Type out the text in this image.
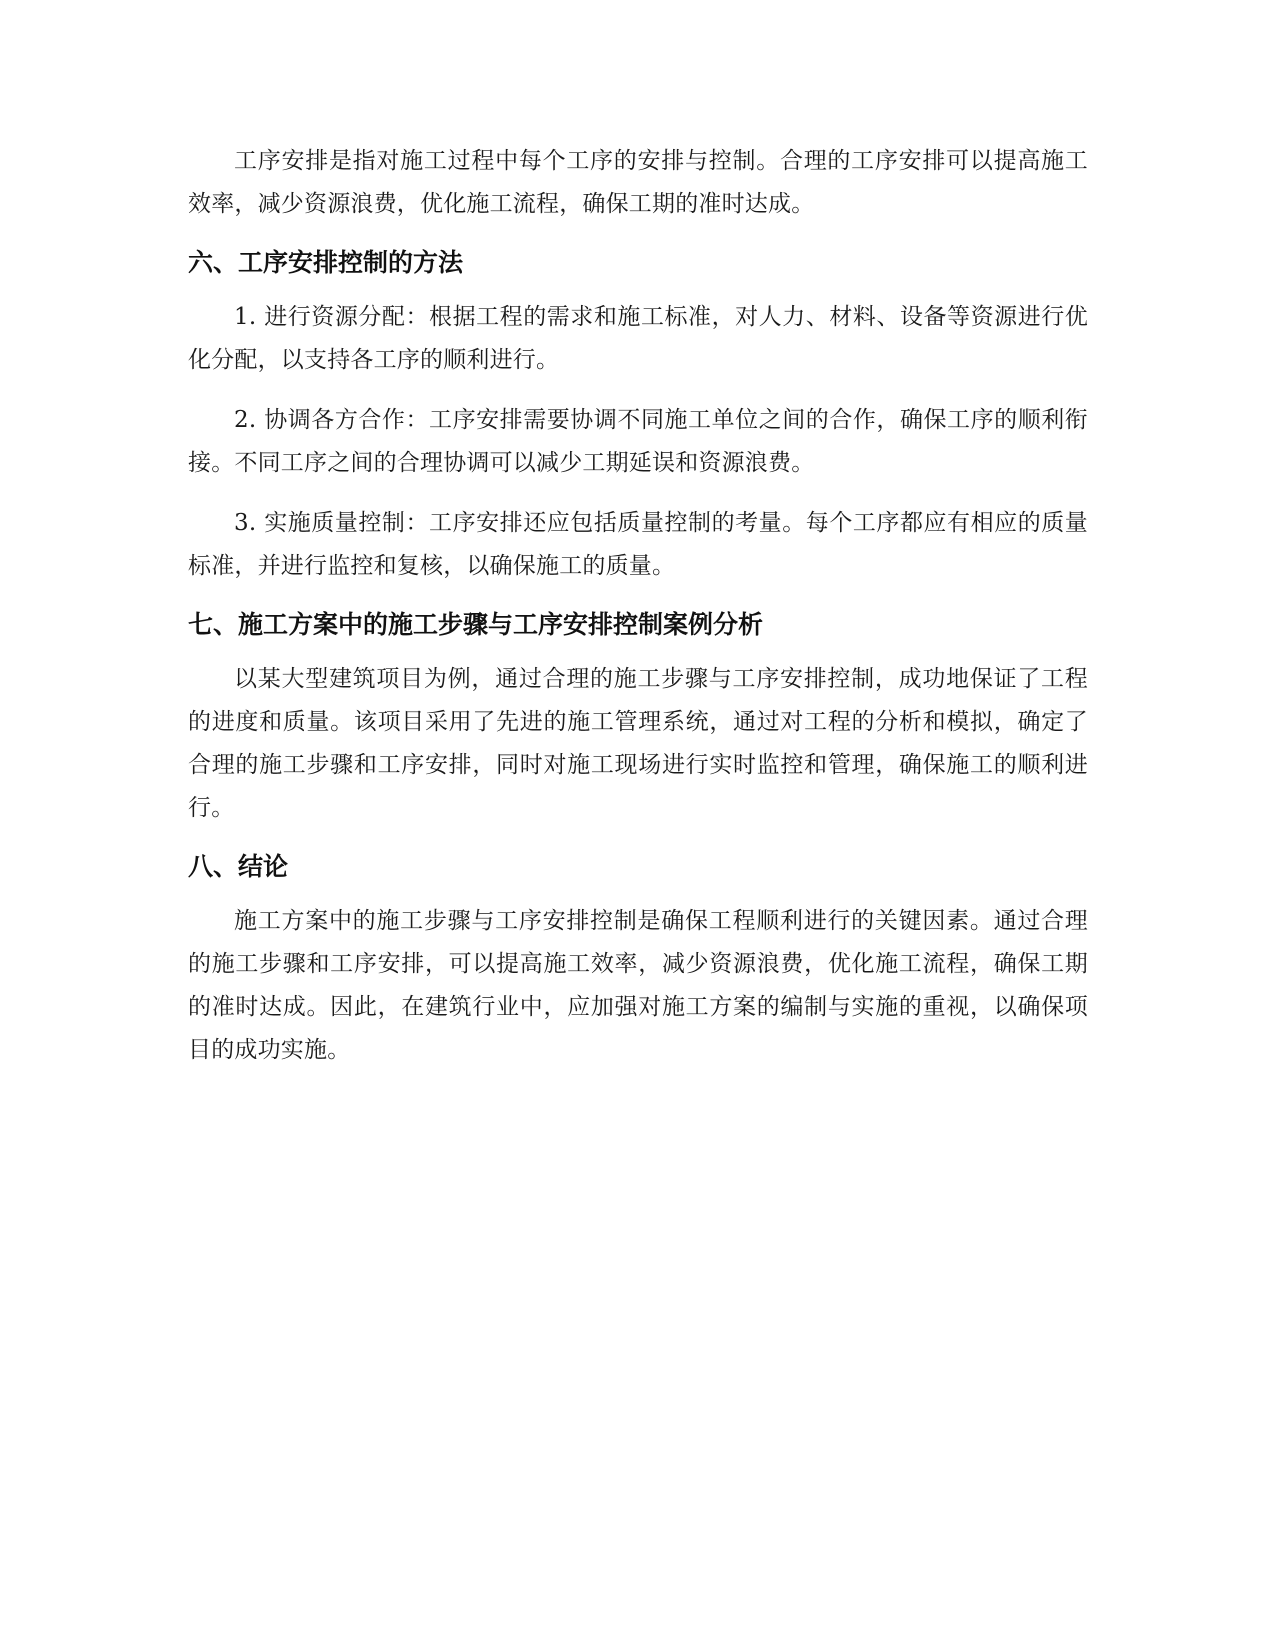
工序安排是指对施工过程中每个工序的安排与控制。合理的工序安排可以提高施工效率，减少资源浪费，优化施工流程，确保工期的准时达成。

六、工序安排控制的方法

1. 进行资源分配：根据工程的需求和施工标准，对人力、材料、设备等资源进行优化分配，以支持各工序的顺利进行。

2. 协调各方合作：工序安排需要协调不同施工单位之间的合作，确保工序的顺利衔接。不同工序之间的合理协调可以减少工期延误和资源浪费。

3. 实施质量控制：工序安排还应包括质量控制的考量。每个工序都应有相应的质量标准，并进行监控和复核，以确保施工的质量。

七、施工方案中的施工步骤与工序安排控制案例分析

以某大型建筑项目为例，通过合理的施工步骤与工序安排控制，成功地保证了工程的进度和质量。该项目采用了先进的施工管理系统，通过对工程的分析和模拟，确定了合理的施工步骤和工序安排，同时对施工现场进行实时监控和管理，确保施工的顺利进行。

八、结论

施工方案中的施工步骤与工序安排控制是确保工程顺利进行的关键因素。通过合理的施工步骤和工序安排，可以提高施工效率，减少资源浪费，优化施工流程，确保工期的准时达成。因此，在建筑行业中，应加强对施工方案的编制与实施的重视，以确保项目的成功实施。
